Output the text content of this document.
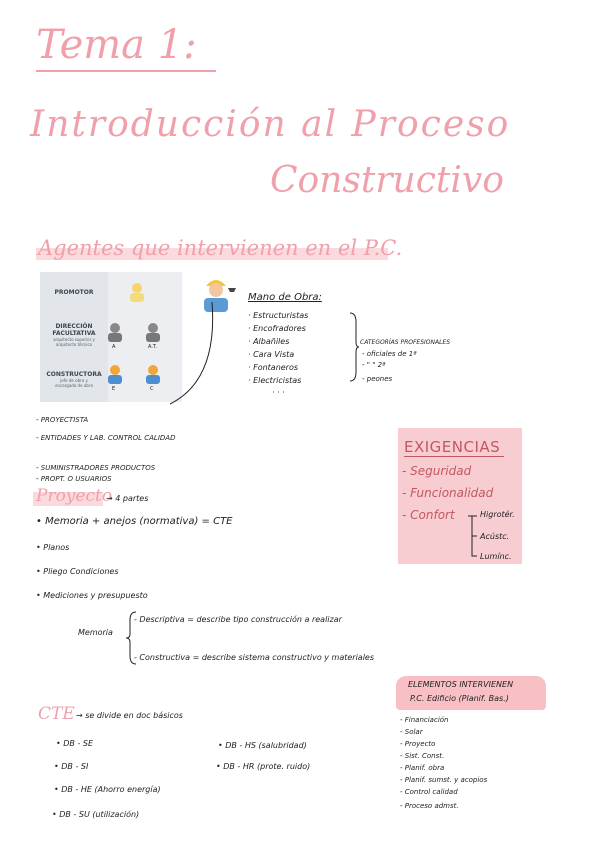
Tema 1:
Introducción al Proceso
Constructivo
Agentes que intervienen en el P.C.
PROMOTOR
DIRECCIÓN FACULTATIVA
arquitecto superior y arquitecto técnico
CONSTRUCTORA
jefe de obra y encargado de obra
A	A.T.
E	C
Mano de Obra:
· Estructuristas
· Encofradores
· Albañiles
· Cara Vista
· Fontaneros
· Electricistas
· · ·
CATEGORÍAS PROFESIONALES
- oficiales de 1ª
- " " 2ª
- peones
- PROYECTISTA
- ENTIDADES Y LAB. CONTROL CALIDAD
- SUMINISTRADORES PRODUCTOS
- PROPT. O USUARIOS
EXIGENCIAS
- Seguridad
- Funcionalidad
- Confort	Higrotér.
Acústc.
Lumínc.
Proyecto
→ 4 partes
• Memoria + anejos (normativa) = CTE
• Planos
• Pliego Condiciones
• Mediciones y presupuesto
Memoria
- Descriptiva = describe tipo construcción a realizar
- Constructiva = describe sistema constructivo y materiales
CTE → se divide en doc básicos
• DB - SE
• DB - SI
• DB - HE (Ahorro energía)
• DB - SU (utilización)
• DB - HS (salubridad)
• DB - HR (prote. ruido)
ELEMENTOS INTERVIENEN
P.C. Edificio (Planif. Bas.)
- Financiación
- Solar
- Proyecto
- Sist. Const.
- Planif. obra
- Planif. sumst. y acopios
- Control calidad
- Proceso admst.
